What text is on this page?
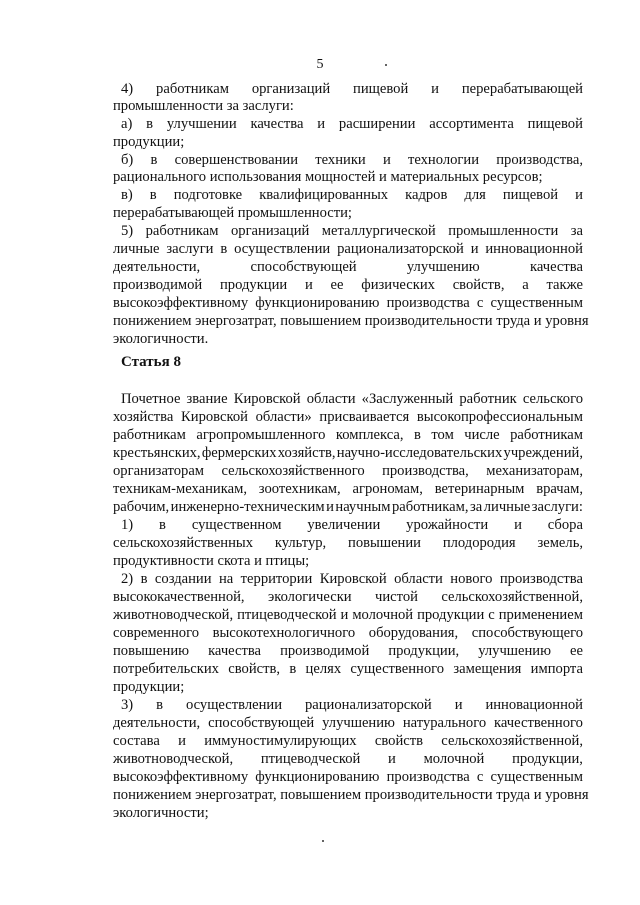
5
4) работникам организаций пищевой и перерабатывающей
промышленности за заслуги:
а) в улучшении качества и расширении ассортимента пищевой
продукции;
б) в совершенствовании техники и технологии производства,
рационального использования мощностей и материальных ресурсов;
в) в подготовке квалифицированных кадров для пищевой и
перерабатывающей промышленности;
5) работникам организаций металлургической промышленности за
личные заслуги в осуществлении рационализаторской и инновационной
деятельности,	способствующей	улучшению	качества
производимой продукции и ее физических свойств, а также
высокоэффективному функционированию производства с существенным
понижением энергозатрат, повышением производительности труда и уровня
экологичности.
Статья 8
Почетное звание Кировской области «Заслуженный работник сельского
хозяйства Кировской области» присваивается высокопрофессиональным
работникам агропромышленного комплекса, в том числе работникам
крестьянских, фермерских хозяйств, научно-исследовательских учреждений,
организаторам сельскохозяйственного производства, механизаторам,
техникам-механикам, зоотехникам, агрономам, ветеринарным врачам,
рабочим, инженерно-техническим и научным работникам, за личные заслуги:
1) в существенном увеличении урожайности и сбора
сельскохозяйственных культур, повышении плодородия земель,
продуктивности скота и птицы;
2) в создании на территории Кировской области нового производства
высококачественной, экологически чистой сельскохозяйственной,
животноводческой, птицеводческой и молочной продукции с применением
современного высокотехнологичного оборудования, способствующего
повышению качества производимой продукции, улучшению ее
потребительских свойств, в целях существенного замещения импорта
продукции;
3) в осуществлении рационализаторской и инновационной
деятельности, способствующей улучшению натурального качественного
состава и иммуностимулирующих свойств сельскохозяйственной,
животноводческой, птицеводческой и молочной продукции,
высокоэффективному функционированию производства с существенным
понижением энергозатрат, повышением производительности труда и уровня
экологичности;
